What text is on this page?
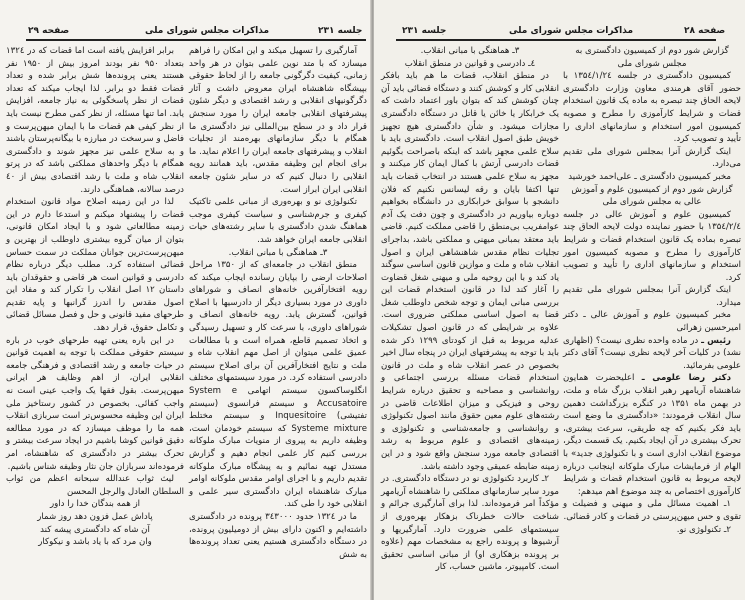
صفحه ۲۹	مذاکرات مجلس شورای ملی	جلسه ۲۳۱

آمارگیری را تسهیل میکند و این امکان را فراهم میسازد که با متد نوین علمی بتوان در هر واحد زمانی، کیفیت دگرگونی جامعه را از لحاظ حقوقی بپیشگاه شاهنشاه ایران معروض داشت و آثار دگرگونیهای انقلابی و رشد اقتصادی و دیگر شئون پیشرفتهای انقلابی جامعه ایران را مورد سنجش قرار داد و در سطح بین‌المللی نیز دادگستری ما همگام با دیگر سازمانهای بهره‌مند از تجلیات انقلاب و پیشرفتهای جامعه ایران را اعلام نماید. ما برای انجام این وظیفه مقدس، باید همانند رویه انقلابی را دنبال کنیم که در سایر شئون جامعه انقلابی ایران ابراز است.

تکنولوژی نو و بهره‌وری از مبانی علمی تاکتیک کیفری و جرم‌شناسی و سیاست کیفری موجب هماهنگ شدن دادگستری با سایر رشته‌های حیات انقلابی جامعه ایران خواهد شد.

۳ـ هماهنگی با مبانی انقلاب.

منطق انقلاب در جامعه‌ای که از ۱۳۵۰ مراحل اصلاحات ارضی را بپایان رسانده ایجاب میکند که رویه افتخارآفرین خانه‌های انصاف و شوراهای داوری در مورد بسیاری دیگر از دادرسیها با اصلاح قوانین، گسترش یابد. رویه خانه‌های انصاف و شوراهای داوری، با سرعت کار و تسهیل رسیدگی و اتخاذ تصمیم قاطع، همراه است و با مطالعات عمیق علمی میتوان از اصل مهم انقلاب شاه و ملت و نتایج افتخارآفرین آن برای اصلاح سیستم دادرسی استفاده کرد. در مورد سیستمهای مختلف انگلوساکسون سیستم اتهامی System e Accusatoire و سیستم فرانسوی (سیستم تفتیشی) Inquesitoire و سیستم مختلط Systeme mixture که سیستم خودمان است، وظیفه داریم به پیروی از منویات مبارک ملوکانه بررسی کنیم کار علمی انجام دهیم و گزارش مستدل تهیه نمائیم و به پیشگاه مبارک ملوکانه تقدیم داریم و با اجرای اوامر مقدس ملوکانه اوامر مبارک شاهنشاه ایران دادگستری سیر علمی و انقلابی خود را طی کند.

ما در ۱۳۲٤ حدود ۳٤۳۰۰۰ پرونده در دادگستری داشته‌ایم و اکنون دارای بیش از دومیلیون پرونده، در دستگاه دادگستری هستیم یعنی تعداد پرونده‌ها به شش

برابر افزایش یافته است اما قضات که در ۱۳۲٤ بتعداد ۹۵۰ نفر بودند امروز بیش از ۱۹۵۰ نفر هستند یعنی پرونده‌ها شش برابر شده و تعداد قضات فقط دو برابر. لذا ایجاب میکند که تعداد قضات از نظر پاسخگوئی به نیاز جامعه، افزایش یابد. اما تنها مسئله، از نظر کمی مطرح نیست باید از نظر کیفی هم قضات ما با ایمان میهن‌پرست و فاضل و سرسخت در مبارزه با بیگانه‌پرستان باشند و به سلاح علمی نیز مجهز شوند و دادگستری همگام با دیگر واحدهای مملکتی باشد که در پرتو انقلاب شاه و ملت با رشد اقتصادی بیش از ٤۰ درصد سالانه، هماهنگی دارند.

لذا در این زمینه اصلاح مواد قانون استخدام قضات را پیشنهاد میکنم و استدعا دارم در این زمینه مطالعاتی شود و با ایجاد امکان قانونی، بتوان از میان گروه بیشتری داوطلب از بهترین و میهن‌پرست‌ترین جوانان مملکت در سمت حساس قضائی استفاده کرد. مطلب دیگر درباره نظام دادرسی و قوانین است هر قاضی و حقوقدان باید داستان ۱۲ اصل انقلاب را تکرار کند و مفاد این اصول مقدس را اندرز گرانبها و پایه تقدیم طرحهای مفید قانونی و حل و فصل مسائل قضائی و تکامل حقوق، قرار دهد.

در این باره یعنی تهیه طرحهای خوب در باره سیستم حقوقی مملکت با توجه به اهمیت قوانین در حیات جامعه و رشد اقتصادی و فرهنگی جامعه انقلابی ایران، از اهم وظایف هر ایرانی میهن‌پرست. بقول فقها یک واجب عینی است نه واجب کفائی. بخصوص در کشور رستاخیز ملی ایران این وظیفه محسوس‌تر است سربازی انقلاب همه ما را موظف میسازد که در مورد مطالعه دقیق قوانین کوشا باشیم در ایجاد سرعت بیشتر و تحرک بیشتر در دادگستری که شاهنشاه، امر فرموده‌اند سربازان جان نثار وظیفه شناس باشیم.

لیث ثواب عندالله سبحانه اعظم من ثواب السلطان العادل والرجل المحسن

از همه بندگان خدا را داور

پاداش عمل فزون دهد روز شمار

آن شاه که دادگستری پیشه کند

وان مرد که با یاد باشد و نیکوکار

جلسه ۲۳۱	مذاکرات مجلس شورای ملی	صفحه ۲۸

گزارش شور دوم از کمیسیون دادگستری به مجلس شورای ملی

کمیسیون دادگستری در جلسه ۱۳۵٤/۱/۲٤ با حضور آقای هرمندی معاون وزارت دادگستری لایحه الحاق چند تبصره به ماده یک قانون استخدام قضات و شرایط کارآموزی را مطرح و مصوبه کمیسیون امور استخدام و سازمانهای اداری را تأیید و تصویب کرد.

اینک گزارش آنرا بمجلس شورای ملی تقدیم می‌دارد.

مخبر کمیسیون دادگستری ـ علی‌احمد خورشید

گزارش شور دوم از کمیسیون علوم و آموزش عالی به مجلس شورای ملی

کمیسیون علوم و آموزش عالی در جلسه ۱۳۵٤/۲/٤ با حضور نماینده دولت لایحه الحاق چند تبصره بماده یک قانون استخدام قضات و شرایط کارآموزی را مطرح و مصوبه کمیسیون امور استخدام و سازمانهای اداری را تأیید و تصویب کرد.

اینک گزارش آنرا بمجلس شورای ملی تقدیم میدارد.

مخبر کمیسیون علوم و آموزش عالی ـ دکتر امیرحسین زهرائی

رئیس ـ در ماده واحده نظری نیست؟ (اظهاری نشد) در کلیات آخر لایحه نظری نیست؟ آقای دکتر علومی بفرمائید.

دکتر رضا علومی ـ اعلیحضرت همایون شاهنشاه آریامهر رهبر انقلاب بزرگ شاه و ملت، در بهمن ماه ۱۳۵۱ در کنگره بزرگداشت دهمین سال انقلاب فرمودند: «دادگستری ما وضع است باید فکر بکنیم که چه طریقی، سرعت بیشتری، تحرک بیشتری در آن ایجاد بکنیم. یک قسمت دیگر، موضوع انقلاب اداری است و با تکنولوژی جدید» با الهام از فرمایشات مبارک ملوکانه اینجانب درباره لایحه مربوط به قانون استخدام قضات و شرایط کارآموزی اختصاص به چند موضوع اهم میدهم:

۱ـ اهمیت مسائل ملی و میهنی و فضیلت و تقوی و حس میهن‌پرستی در قضات و کادر قضائی.

۲ـ تکنولوژی نو.

۳ـ هماهنگی با مبانی انقلاب.

٤ـ دادرسی و قوانین در منطق انقلاب

در منطق انقلاب، قضات ما هم باید بافکر انقلابی کار و کوشش کنند و دستگاه قضائی باید آن چنان کوشش کند که بتوان باور اعتماد داشت که یک خرابکار یا خائن یا قاتل در دستگاه دادگستری مجازات میشود. و شأن دادگستری هیچ تجهیز خویش طبق اصول انقلاب است. دادگستری باید با سلاح علمی مجهز باشد که اینکه باصراحت بگوئیم قضات دادرسی آرتش با کمال ایمان کار میکنند و مجهز به سلاح علمی هستند در انتخاب قضات باید تنها اکتفا بایان و رقه لیسانس نکنیم که فلان دانشجو با سوابق خرابکاری در دانشگاه بخواهیم دوباره بیاوریم در دادگستری و چون دفت یک آدم عوامفریب بی‌منطق را قاضی مملکت کنیم. قاضی باید معتقد بمبانی میهنی و مملکتی باشد، بداجرای تجلیات نظام مقدس شاهنشاهی ایران و اصول انقلاب شاه و ملت و موازین قانون اساسی سوگند یاد کند و با این روحیه ملی و میهنی شغل قضاوت را آغاز کند لذا در قانون استخدام قضات این بررسی مبانی ایمان و توجه شخص داوطلب شغل قضا به اصول اساسی مملکتی ضروری است. علاوه بر شرایطی که در قانون اصول تشکیلات عدلیه مربوط به قبل از کودتای ۱۲۹۹ ذکر شده باید با توجه به پیشرفتهای ایران در پنجاه سال اخیر بخصوص در عصر انقلاب شاه و ملت در قانون استخدام قضات مسئله بررسی اجتماعی و روانشناسی و مصاحبه و تحقیق درباره شرایط روحی و فیزیکی و میزان اطلاعات قاضی در رشته‌های علوم معین حقوق مانند اصول تکنولوژی و روانشناسی و جامعه‌شناسی و تکنولوژی و زمینه‌های اقتصادی و علوم مربوط به رشد اقتصادی جامعه مورد سنجش واقع شود و در این زمینه ضابطه عمیقی وجود داشته باشد.

۲ـ کاربرد تکنولوژی نو در دستگاه دادگستری. در مورد سایر سازمانهای مملکتی را شاهنشاه آریامهر مؤکداً امر فرموده‌اند. لذا برای آمارگیری جرائم و شناخت حالات خطرناک بزهکار بهره‌وری از سیستمهای علمی ضرورت دارد. آمارگیریها و آرشیوها و پرونده راجع به مشخصات مهم (علاوه بر پرونده بزهکاری او) از مبانی اساسی تحقیق است. کامپیوتر، ماشین حساب، کار
